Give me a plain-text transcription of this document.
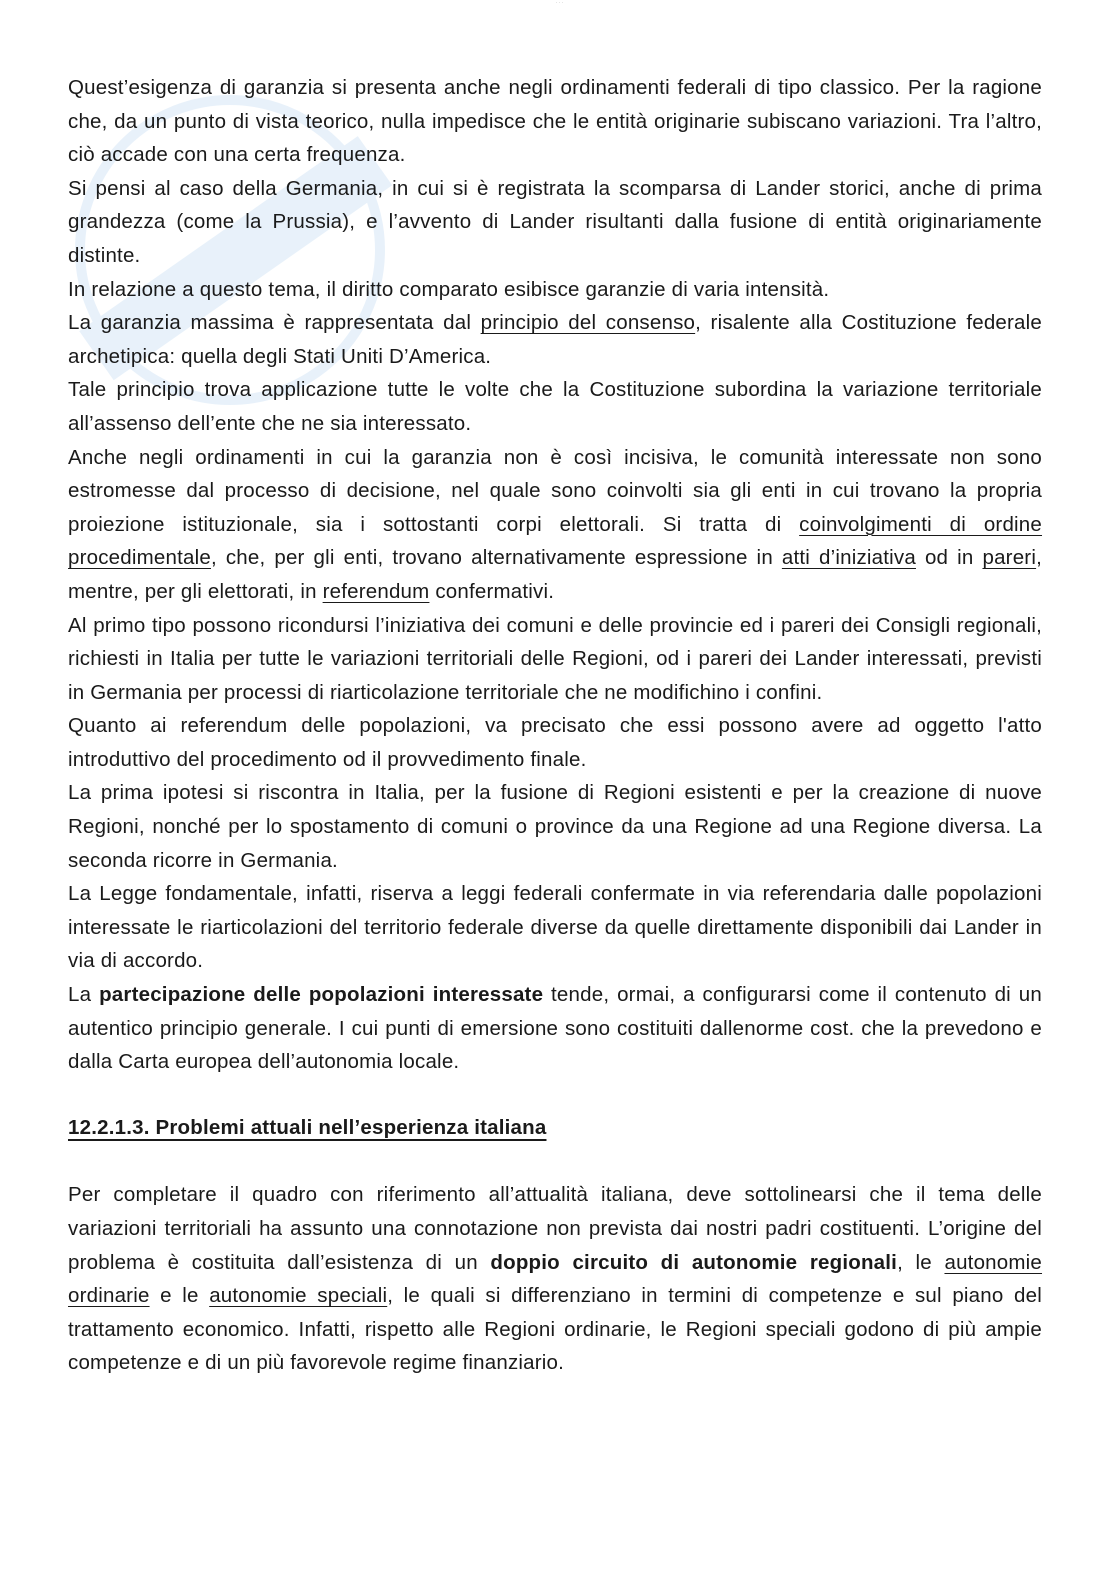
···

Quest’esigenza di garanzia si presenta anche negli ordinamenti federali di tipo classico. Per la ragione che, da un punto di vista teorico, nulla impedisce che le entità originarie subiscano variazioni. Tra l’altro, ciò accade con una certa frequenza.

Si pensi al caso della Germania, in cui si è registrata la scomparsa di Lander storici, anche di prima grandezza (come la Prussia), e l’avvento di Lander risultanti dalla fusione di entità originariamente distinte.

In relazione a questo tema, il diritto comparato esibisce garanzie di varia intensità.

La garanzia massima è rappresentata dal principio del consenso, risalente alla Costituzione federale archetipica: quella degli Stati Uniti D’America.

Tale principio trova applicazione tutte le volte che la Costituzione subordina la variazione territoriale all’assenso dell’ente che ne sia interessato.

Anche negli ordinamenti in cui la garanzia non è così incisiva, le comunità interessate non sono estromesse dal processo di decisione, nel quale sono coinvolti sia gli enti in cui trovano la propria proiezione istituzionale, sia i sottostanti corpi elettorali. Si tratta di coinvolgimenti di ordine procedimentale, che, per gli enti, trovano alternativamente espressione in atti d’iniziativa od in pareri, mentre, per gli elettorati, in referendum confermativi.

Al primo tipo possono ricondursi l’iniziativa dei comuni e delle provincie ed i pareri dei Consigli regionali, richiesti in Italia per tutte le variazioni territoriali delle Regioni, od i pareri dei Lander interessati, previsti in Germania per processi di riarticolazione territoriale che ne modifichino i confini.

Quanto ai referendum delle popolazioni, va precisato che essi possono avere ad oggetto l'atto introduttivo del procedimento od il provvedimento finale.

La prima ipotesi si riscontra in Italia, per la fusione di Regioni esistenti e per la creazione di nuove Regioni, nonché per lo spostamento di comuni o province da una Regione ad una Regione diversa. La seconda ricorre in Germania.

La Legge fondamentale, infatti, riserva a leggi federali confermate in via referendaria dalle popolazioni interessate le riarticolazioni del territorio federale diverse da quelle direttamente disponibili dai Lander in via di accordo.

La partecipazione delle popolazioni interessate tende, ormai, a configurarsi come il contenuto di un autentico principio generale. I cui punti di emersione sono costituiti dallenorme cost. che la prevedono e dalla Carta europea dell’autonomia locale.

12.2.1.3. Problemi attuali nell’esperienza italiana

Per completare il quadro con riferimento all’attualità italiana, deve sottolinearsi che il tema delle variazioni territoriali ha assunto una connotazione non prevista dai nostri padri costituenti. L’origine del problema è costituita dall’esistenza di un doppio circuito di autonomie regionali, le autonomie ordinarie e le autonomie speciali, le quali si differenziano in termini di competenze e sul piano del trattamento economico. Infatti, rispetto alle Regioni ordinarie, le Regioni speciali godono di più ampie competenze e di un più favorevole regime finanziario.
